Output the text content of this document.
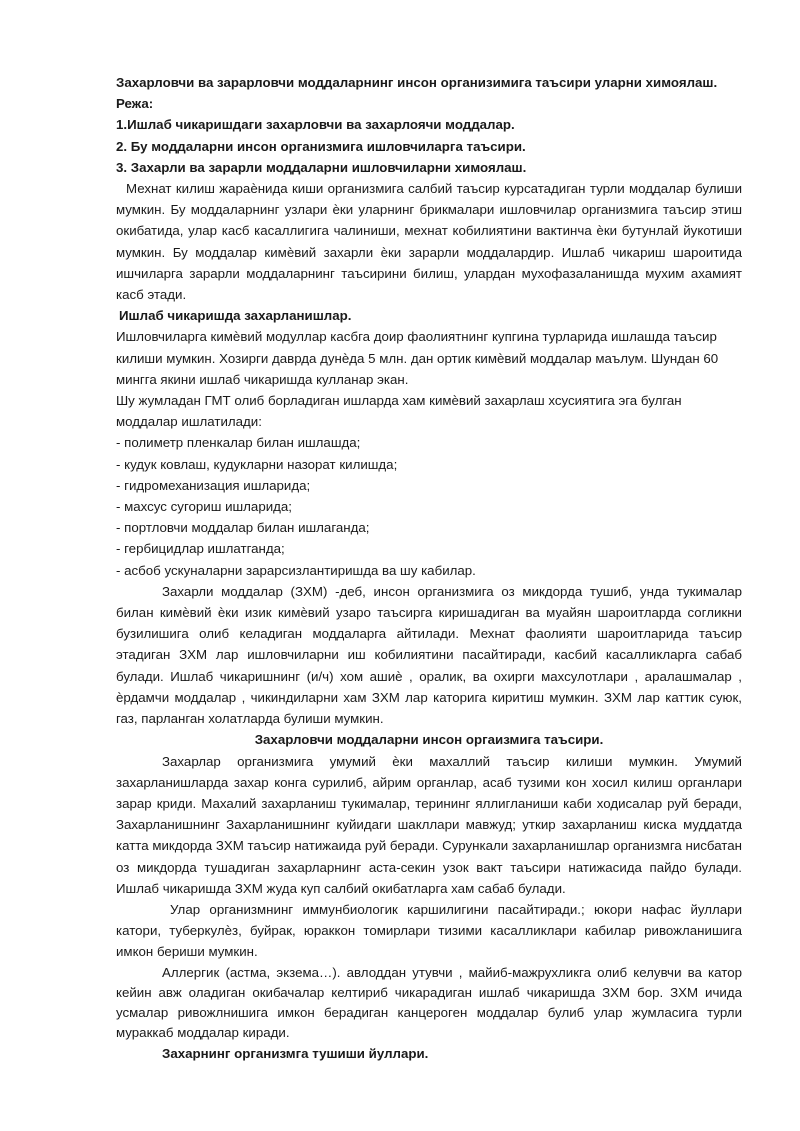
Захарловчи ва зарарловчи моддаларнинг инсон организимига таъсири уларни химоялаш.

Режа:

1.Ишлаб чикаришдаги захарловчи ва захарлоячи моддалар.

2. Бу моддаларни инсон организмига ишловчиларга таъсири.

3. Захарли ва зарарли моддаларни ишловчиларни химоялаш.

Мехнат килиш жараѐнида киши организмига салбий таъсир курсатадиган турли моддалар булиши мумкин. Бу моддаларнинг узлари ѐки уларнинг брикмалари ишловчилар организмига таъсир этиш окибатида, улар касб касаллигига чалиниши, мехнат кобилиятини вактинча ѐки бутунлай йукотиши мумкин. Бу моддалар кимѐвий захарли ѐки зарарли моддалардир. Ишлаб чикариш шароитида ишчиларга зарарли моддаларнинг таъсирини билиш, улардан мухофазаланишда мухим ахамият касб этади.

Ишлаб чикаришда захарланишлар.

Ишловчиларга кимѐвий модуллар касбга доир фаолиятнинг купгина турларида ишлашда таъсир килиши мумкин. Хозирги даврда дунѐда 5 млн. дан ортик кимѐвий моддалар маълум. Шундан 60 мингга якини ишлаб чикаришда кулланар экан.

Шу жумладан ГМТ олиб борладиган ишларда хам кимѐвий захарлаш хсусиятига эга булган моддалар ишлатилади:

- полиметр пленкалар билан ишлашда;

- кудук ковлаш, кудукларни назорат килишда;

- гидромеханизация ишларида;

- махсус сугориш ишларида;

- портловчи моддалар билан ишлаганда;

- гербицидлар ишлатганда;

- асбоб ускуналарни зарарсизлантиришда ва шу кабилар.

Захарли моддалар (ЗХМ) -деб, инсон организмига оз микдорда тушиб, унда тукималар билан кимѐвий ѐки изик кимѐвий узаро таъсирга киришадиган ва муайян шароитларда согликни бузилишига олиб келадиган моддаларга айтилади. Мехнат фаолияти шароитларида таъсир этадиган ЗХМ лар ишловчиларни иш кобилиятини пасайтиради, касбий касалликларга сабаб булади. Ишлаб чикаришнинг (и/ч) хом ашиѐ , оралик, ва охирги махсулотлари , аралашмалар , ѐрдамчи моддалар , чикиндиларни хам ЗХМ лар каторига киритиш мумкин. ЗХМ лар каттик суюк, газ, парланган холатларда булиши мумкин.

Захарловчи моддаларни инсон оргаизмига таъсири.

Захарлар организмига умумий ѐки махаллий таъсир килиши мумкин. Умумий захарланишларда захар конга сурилиб, айрим органлар, асаб тузими кон хосил килиш органлари зарар криди. Махалий захарланиш тукималар, терининг яллигланиши каби ходисалар руй беради, Захарланишнинг Захарланишнинг куйидаги шакллари мавжуд; уткир захарланиш киска муддатда катта микдорда ЗХМ таъсир натижаида руй беради. Сурункали захарланишлар организмга нисбатан оз микдорда тушадиган захарларнинг аста-секин узок вакт таъсири натижасида пайдо булади. Ишлаб чикаришда ЗХМ жуда куп салбий окибатларга хам сабаб булади.

Улар организмнинг иммунбиологик каршилигини пасайтиради.; юкори нафас йуллари катори, туберкулѐз, буйрак, юраккон томирлари тизими касалликлари кабилар ривожланишига имкон бериши мумкин.

Аллергик (астма, экзема…). авлоддан утувчи , майиб-мажрухликга олиб келувчи ва катор кейин авж оладиган окибачалар келтириб чикарадиган ишлаб чикаришда ЗХМ бор. ЗХМ ичида усмалар ривожлнишига имкон берадиган канцероген моддалар булиб улар жумласига турли мураккаб моддалар киради.

Захарнинг организмга тушиши йуллари.
